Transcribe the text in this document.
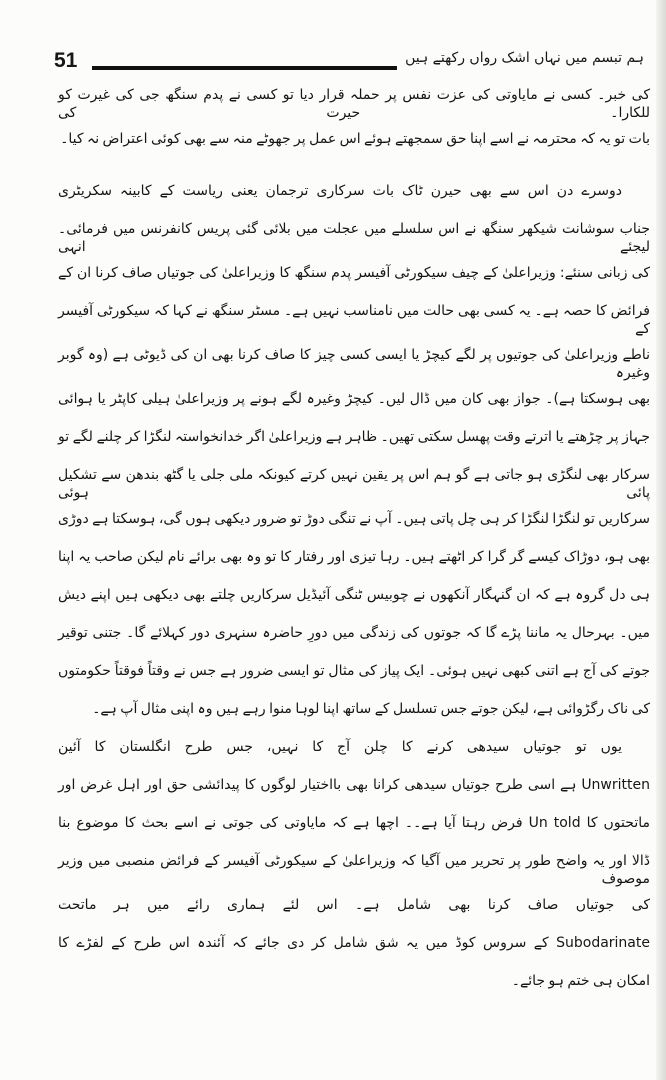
ہم تبسم میں نہاں اشک رواں رکھتے ہیں
51
کی خبر۔ کسی نے مایاوتی کی عزت نفس پر حملہ قرار دیا تو کسی نے پدم سنگھ جی کی غیرت کو للکارا۔ حیرت کی
بات تو یہ کہ محترمہ نے اسے اپنا حق سمجھتے ہوئے اس عمل پر جھوٹے منہ سے بھی کوئی اعتراض نہ کیا۔
دوسرے دن اس سے بھی حیرن ٹاک بات سرکاری ترجمان یعنی ریاست کے کابینہ سکریٹری
جناب سوشانت شیکھر سنگھ نے اس سلسلے میں عجلت میں بلائی گئی پریس کانفرنس میں فرمائی۔ لیجئے انہی
کی زبانی سنئے: وزیراعلیٰ کے چیف سیکورٹی آفیسر پدم سنگھ کا وزیراعلیٰ کی جوتیاں صاف کرنا ان کے
فرائض کا حصہ ہے۔ یہ کسی بھی حالت میں نامناسب نہیں ہے۔ مسٹر سنگھ نے کہا کہ سیکورٹی آفیسر کے
ناطے وزیراعلیٰ کی جوتیوں پر لگے کیچڑ یا ایسی کسی چیز کا صاف کرنا بھی ان کی ڈیوٹی ہے (وہ گوبر وغیرہ
بھی ہوسکتا ہے)۔ جواز بھی کان میں ڈال لیں۔ کیچڑ وغیرہ لگے ہونے پر وزیراعلیٰ ہیلی کاپٹر یا ہوائی
جہاز پر چڑھتے یا اترتے وقت پھسل سکتی تھیں۔ ظاہر ہے وزیراعلیٰ اگر خدانخواستہ لنگڑا کر چلنے لگے تو
سرکار بھی لنگڑی ہو جاتی ہے گو ہم اس پر یقین نہیں کرتے کیونکہ ملی جلی یا گٹھ بندھن سے تشکیل پائی ہوئی
سرکاریں تو لنگڑا لنگڑا کر ہی چل پاتی ہیں۔ آپ نے تنگی دوڑ تو ضرور دیکھی ہوں گی، ہوسکتا ہے دوڑی
بھی ہو، دوڑاک کیسے گر گرا کر اٹھتے ہیں۔ رہا تیزی اور رفتار کا تو وہ بھی برائے نام لیکن صاحب یہ اپنا
ہی دل گروہ ہے کہ ان گنہگار آنکھوں نے چوبیس ٹنگی آئیڈیل سرکاریں چلتے بھی دیکھی ہیں اپنے دیش
میں۔ بہرحال یہ ماننا پڑے گا کہ جوتوں کی زندگی میں دورِ حاضرہ سنہری دور کہلائے گا۔ جتنی توقیر
جوتے کی آج ہے اتنی کبھی نہیں ہوئی۔ ایک پیاز کی مثال تو ایسی ضرور ہے جس نے وقتاً فوقتاً حکومتوں
کی ناک رگڑوائی ہے، لیکن جوتے جس تسلسل کے ساتھ اپنا لوہا منوا رہے ہیں وہ اپنی مثال آپ ہے۔
یوں تو جوتیاں سیدھی کرنے کا چلن آج کا نہیں، جس طرح انگلستان کا آئین
Unwritten ہے اسی طرح جوتیاں سیدھی کرانا بھی بااختیار لوگوں کا پیدائشی حق اور اہل غرض اور
ماتحتوں کا Un told فرض رہتا آیا ہے۔۔ اچھا ہے کہ مایاوتی کی جوتی نے اسے بحث کا موضوع بنا
ڈالا اور یہ واضح طور پر تحریر میں آگیا کہ وزیراعلیٰ کے سیکورٹی آفیسر کے فرائض منصبی میں وزیر موصوف
کی جوتیاں صاف کرنا بھی شامل ہے۔ اس لئے ہماری رائے میں ہر ماتحت
Subodarinate کے سروس کوڈ میں یہ شق شامل کر دی جائے کہ آئندہ اس طرح کے لفڑے کا
امکان ہی ختم ہو جائے۔
